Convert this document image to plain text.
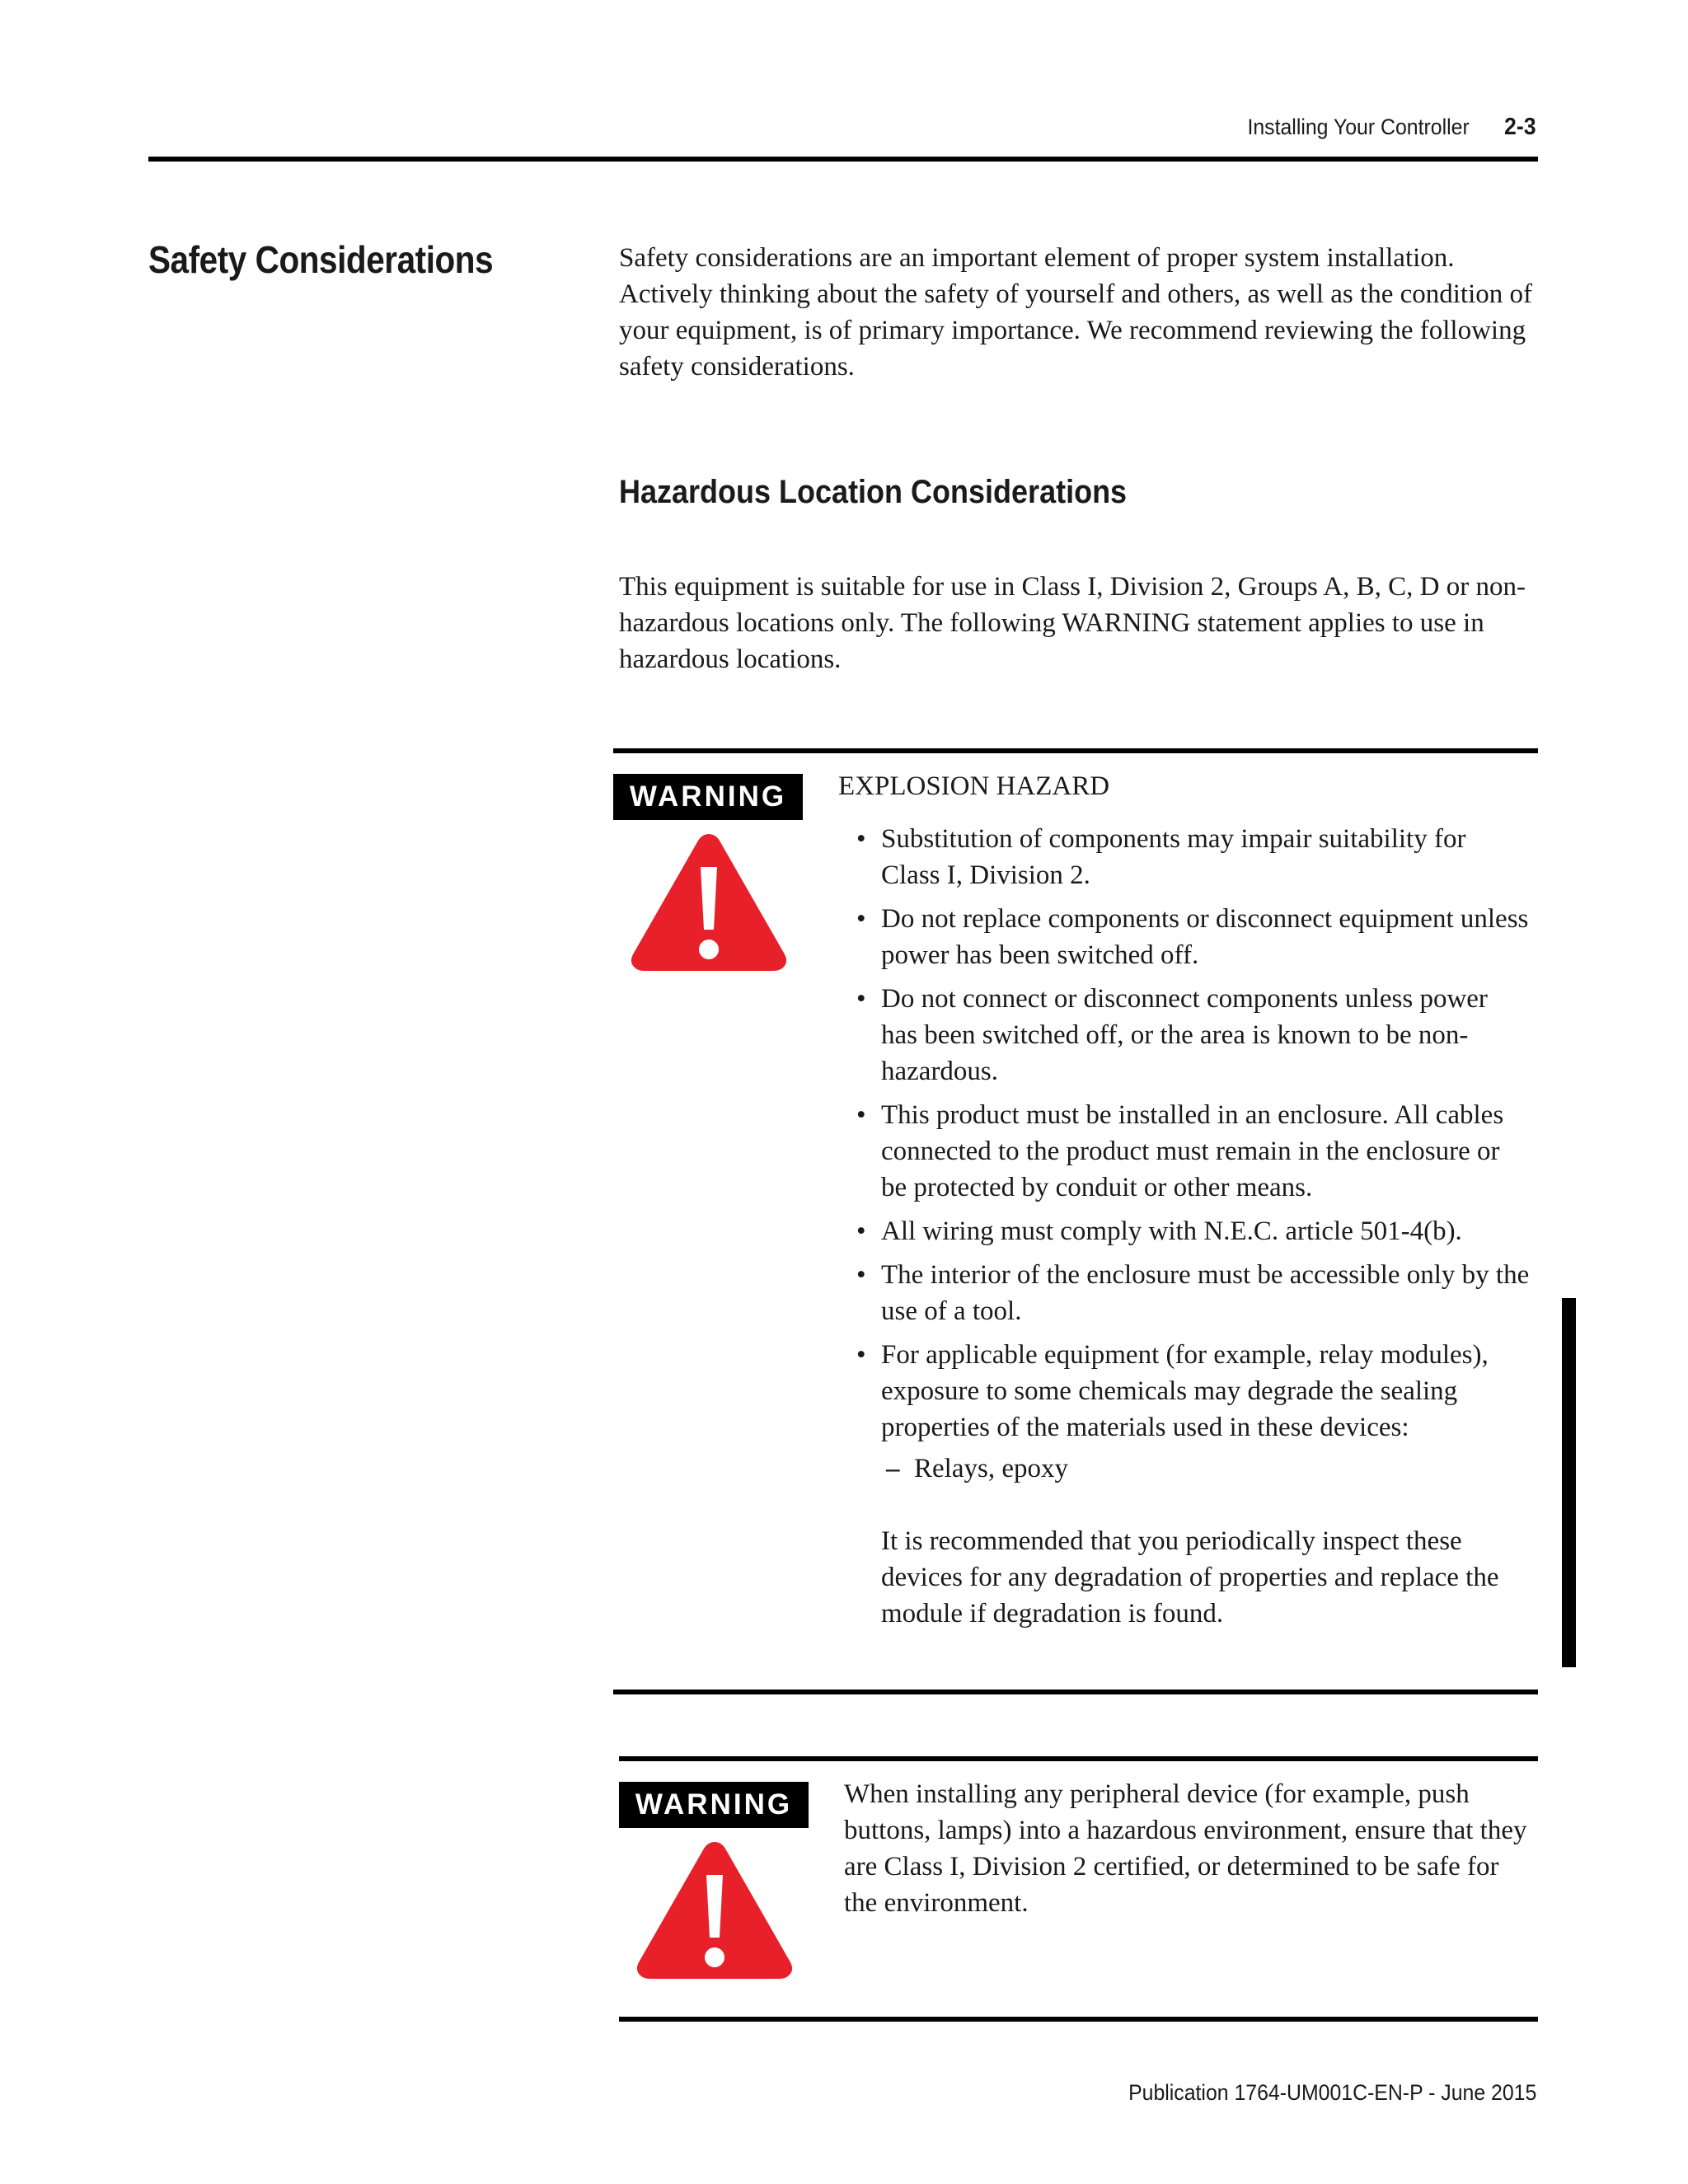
Installing Your Controller 2-3
Safety Considerations	Safety considerations are an important element of proper system installation. Actively thinking about the safety of yourself and others, as well as the condition of your equipment, is of primary importance. We recommend reviewing the following safety considerations.

Hazardous Location Considerations

This equipment is suitable for use in Class I, Division 2, Groups A, B, C, D or non-hazardous locations only. The following WARNING statement applies to use in hazardous locations.

WARNING	EXPLOSION HAZARD

• Substitution of components may impair suitability for Class I, Division 2.
• Do not replace components or disconnect equipment unless power has been switched off.
• Do not connect or disconnect components unless power has been switched off, or the area is known to be non-hazardous.
• This product must be installed in an enclosure. All cables connected to the product must remain in the enclosure or be protected by conduit or other means.
• All wiring must comply with N.E.C. article 501-4(b).
• The interior of the enclosure must be accessible only by the use of a tool.
• For applicable equipment (for example, relay modules), exposure to some chemicals may degrade the sealing properties of the materials used in these devices:
– Relays, epoxy

It is recommended that you periodically inspect these devices for any degradation of properties and replace the module if degradation is found.

WARNING	When installing any peripheral device (for example, push buttons, lamps) into a hazardous environment, ensure that they are Class I, Division 2 certified, or determined to be safe for the environment.

Publication 1764-UM001C-EN-P - June 2015
